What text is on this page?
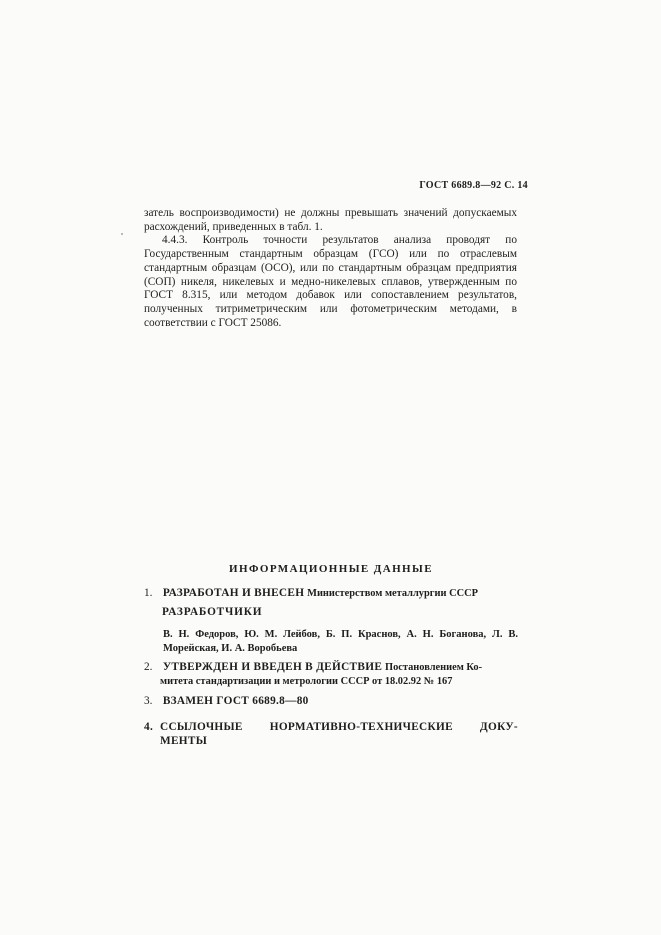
ГОСТ 6689.8—92 С. 14

затель воспроизводимости) не должны превышать значений допускаемых расхождений, приведенных в табл. 1.

4.4.3. Контроль точности результатов анализа проводят по Государственным стандартным образцам (ГСО) или по отраслевым стандартным образцам (ОСО), или по стандартным образцам предприятия (СОП) никеля, никелевых и медно-никелевых сплавов, утвержденным по ГОСТ 8.315, или методом добавок или сопоставлением результатов, полученных титриметрическим или фотометрическим методами, в соответствии с ГОСТ 25086.

ИНФОРМАЦИОННЫЕ ДАННЫЕ
1. РАЗРАБОТАН И ВНЕСЕН Министерством металлургии СССР
РАЗРАБОТЧИКИ
В. Н. Федоров, Ю. М. Лейбов, Б. П. Краснов, А. Н. Боганова, Л. В. Морейская, И. А. Воробьева
2. УТВЕРЖДЕН И ВВЕДЕН В ДЕЙСТВИЕ Постановлением Ко-
митета стандартизации и метрологии СССР от 18.02.92 № 167
3. ВЗАМЕН ГОСТ 6689.8—80
4. ССЫЛОЧНЫЕ НОРМАТИВНО-ТЕХНИЧЕСКИЕ ДОКУ-
МЕНТЫ
